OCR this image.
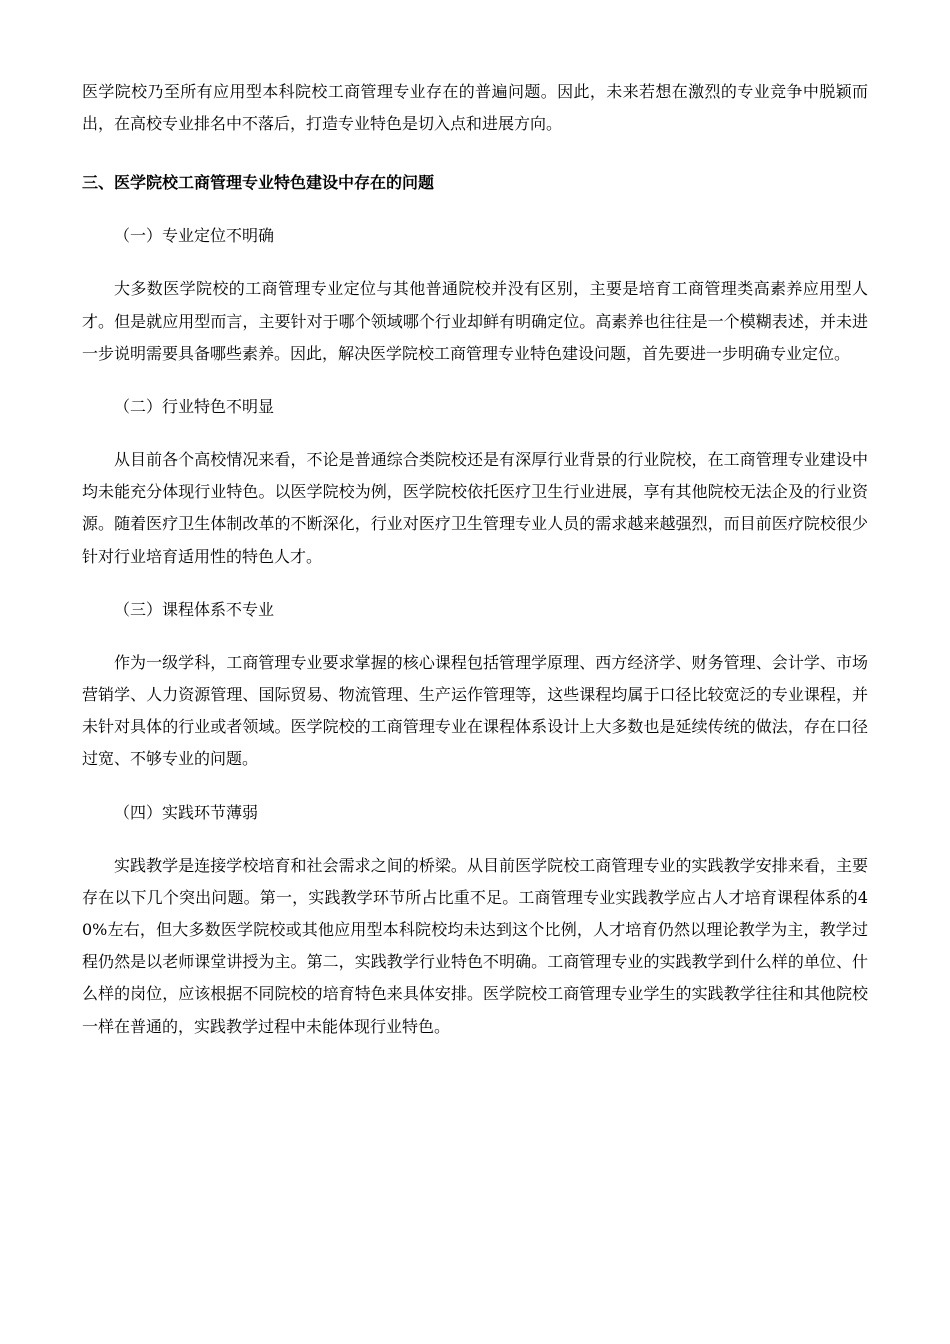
医学院校乃至所有应用型本科院校工商管理专业存在的普遍问题。因此，未来若想在激烈的专业竞争中脱颖而出，在高校专业排名中不落后，打造专业特色是切入点和进展方向。

三、医学院校工商管理专业特色建设中存在的问题

（一）专业定位不明确

大多数医学院校的工商管理专业定位与其他普通院校并没有区别，主要是培育工商管理类高素养应用型人才。但是就应用型而言，主要针对于哪个领域哪个行业却鲜有明确定位。高素养也往往是一个模糊表述，并未进一步说明需要具备哪些素养。因此，解决医学院校工商管理专业特色建设问题，首先要进一步明确专业定位。

（二）行业特色不明显

从目前各个高校情况来看，不论是普通综合类院校还是有深厚行业背景的行业院校，在工商管理专业建设中均未能充分体现行业特色。以医学院校为例，医学院校依托医疗卫生行业进展，享有其他院校无法企及的行业资源。随着医疗卫生体制改革的不断深化，行业对医疗卫生管理专业人员的需求越来越强烈，而目前医疗院校很少针对行业培育适用性的特色人才。

（三）课程体系不专业

作为一级学科，工商管理专业要求掌握的核心课程包括管理学原理、西方经济学、财务管理、会计学、市场营销学、人力资源管理、国际贸易、物流管理、生产运作管理等，这些课程均属于口径比较宽泛的专业课程，并未针对具体的行业或者领域。医学院校的工商管理专业在课程体系设计上大多数也是延续传统的做法，存在口径过宽、不够专业的问题。

（四）实践环节薄弱

实践教学是连接学校培育和社会需求之间的桥梁。从目前医学院校工商管理专业的实践教学安排来看，主要存在以下几个突出问题。第一，实践教学环节所占比重不足。工商管理专业实践教学应占人才培育课程体系的40%左右，但大多数医学院校或其他应用型本科院校均未达到这个比例，人才培育仍然以理论教学为主，教学过程仍然是以老师课堂讲授为主。第二，实践教学行业特色不明确。工商管理专业的实践教学到什么样的单位、什么样的岗位，应该根据不同院校的培育特色来具体安排。医学院校工商管理专业学生的实践教学往往和其他院校一样在普通的，实践教学过程中未能体现行业特色。
